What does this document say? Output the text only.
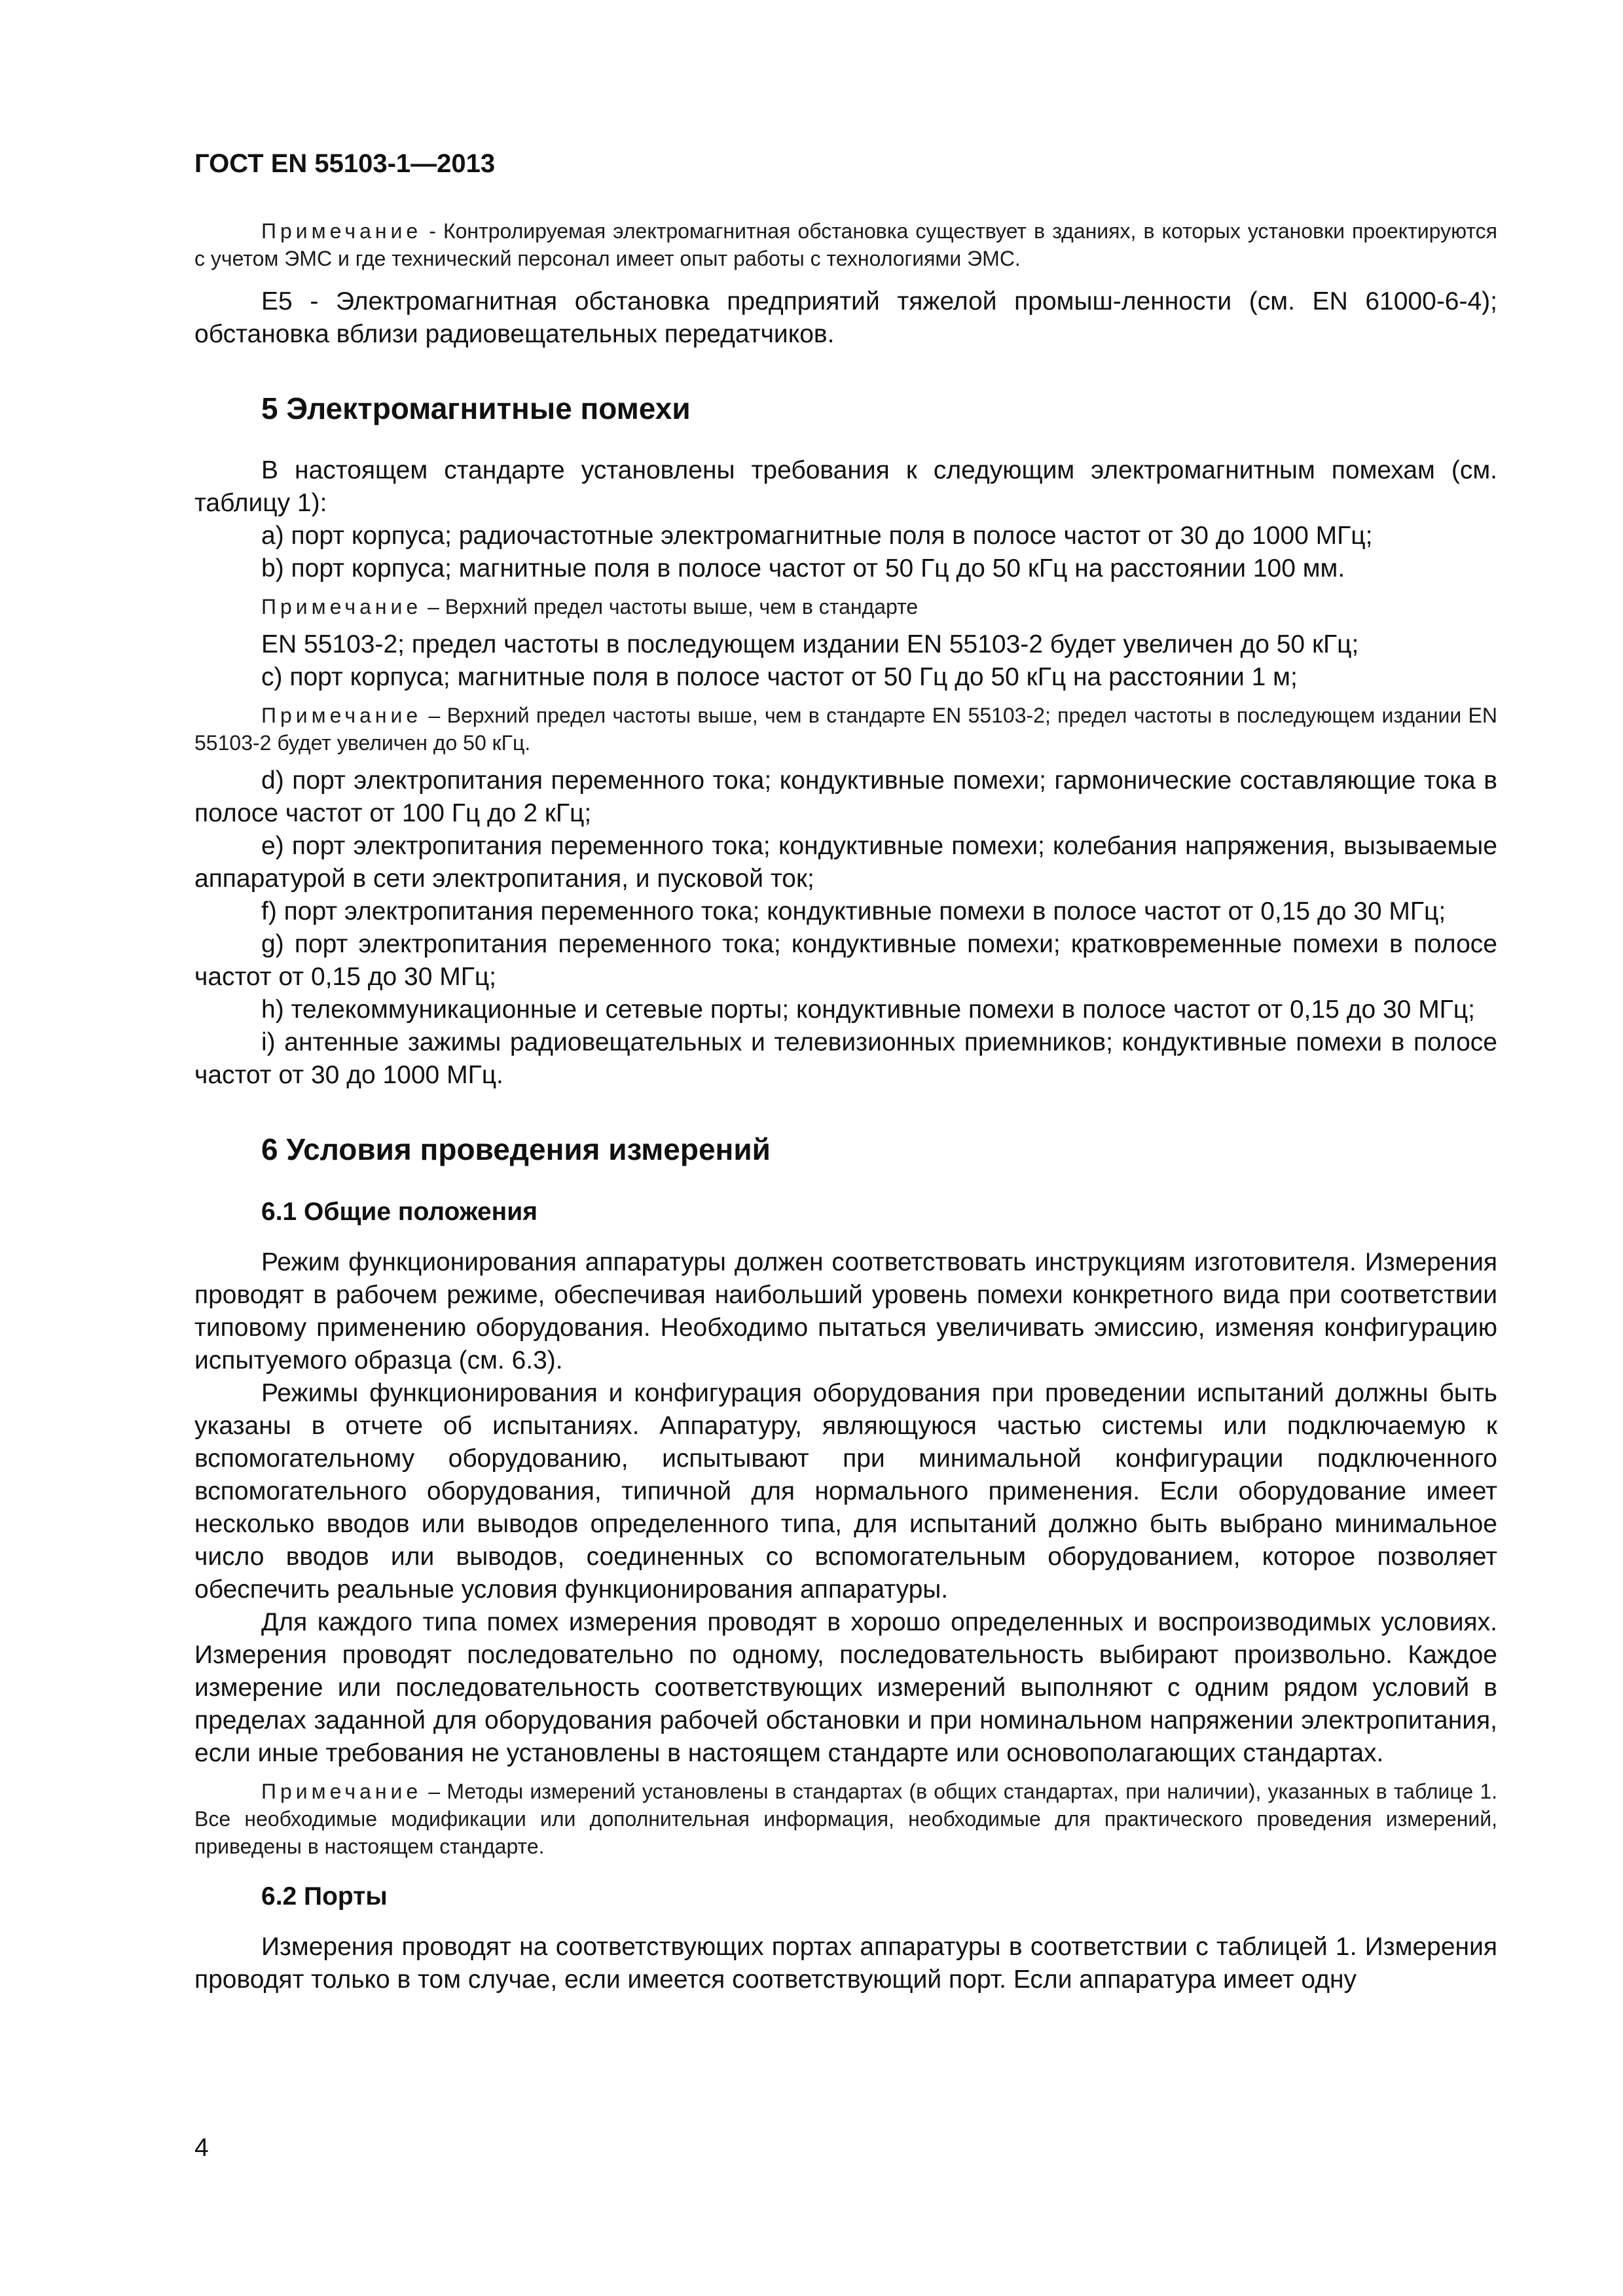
ГОСТ EN 55103-1—2013

Примечание - Контролируемая электромагнитная обстановка существует в зданиях, в которых установки проектируются с учетом ЭМС и где технический персонал имеет опыт работы с технологиями ЭМС.

Е5 - Электромагнитная обстановка предприятий тяжелой промыш-ленности (см. EN 61000-6-4); обстановка вблизи радиовещательных передатчиков.

5 Электромагнитные помехи

В настоящем стандарте установлены требования к следующим электромагнитным помехам (см. таблицу 1):

a) порт корпуса; радиочастотные электромагнитные поля в полосе частот от 30 до 1000 МГц;

b) порт корпуса; магнитные поля в полосе частот от 50 Гц до 50 кГц на расстоянии 100 мм.

Примечание – Верхний предел частоты выше, чем в стандарте

EN 55103-2; предел частоты в последующем издании EN 55103-2 будет увеличен до 50 кГц;

c) порт корпуса; магнитные поля в полосе частот от 50 Гц до 50 кГц на расстоянии 1 м;

Примечание – Верхний предел частоты выше, чем в стандарте EN 55103-2; предел частоты в последующем издании EN 55103-2 будет увеличен до 50 кГц.

d) порт электропитания переменного тока; кондуктивные помехи; гармонические составляющие тока в полосе частот от 100 Гц до 2 кГц;

e) порт электропитания переменного тока; кондуктивные помехи; колебания напряжения, вызываемые аппаратурой в сети электропитания, и пусковой ток;

f) порт электропитания переменного тока; кондуктивные помехи в полосе частот от 0,15 до 30 МГц;

g) порт электропитания переменного тока; кондуктивные помехи; кратковременные помехи в полосе частот от 0,15 до 30 МГц;

h) телекоммуникационные и сетевые порты; кондуктивные помехи в полосе частот от 0,15 до 30 МГц;

i) антенные зажимы радиовещательных и телевизионных приемников; кондуктивные помехи в полосе частот от 30 до 1000 МГц.

6 Условия проведения измерений
6.1 Общие положения

Режим функционирования аппаратуры должен соответствовать инструкциям изготовителя. Измерения проводят в рабочем режиме, обеспечивая наибольший уровень помехи конкретного вида при соответствии типовому применению оборудования. Необходимо пытаться увеличивать эмиссию, изменяя конфигурацию испытуемого образца (см. 6.3).

Режимы функционирования и конфигурация оборудования при проведении испытаний должны быть указаны в отчете об испытаниях. Аппаратуру, являющуюся частью системы или подключаемую к вспомогательному оборудованию, испытывают при минимальной конфигурации подключенного вспомогательного оборудования, типичной для нормального применения. Если оборудование имеет несколько вводов или выводов определенного типа, для испытаний должно быть выбрано минимальное число вводов или выводов, соединенных со вспомогательным оборудованием, которое позволяет обеспечить реальные условия функционирования аппаратуры.

Для каждого типа помех измерения проводят в хорошо определенных и воспроизводимых условиях. Измерения проводят последовательно по одному, последовательность выбирают произвольно. Каждое измерение или последовательность соответствующих измерений выполняют с одним рядом условий в пределах заданной для оборудования рабочей обстановки и при номинальном напряжении электропитания, если иные требования не установлены в настоящем стандарте или основополагающих стандартах.

Примечание – Методы измерений установлены в стандартах (в общих стандартах, при наличии), указанных в таблице 1. Все необходимые модификации или дополнительная информация, необходимые для практического проведения измерений, приведены в настоящем стандарте.

6.2 Порты

Измерения проводят на соответствующих портах аппаратуры в соответствии с таблицей 1. Измерения проводят только в том случае, если имеется соответствующий порт. Если аппаратура имеет одну

4
